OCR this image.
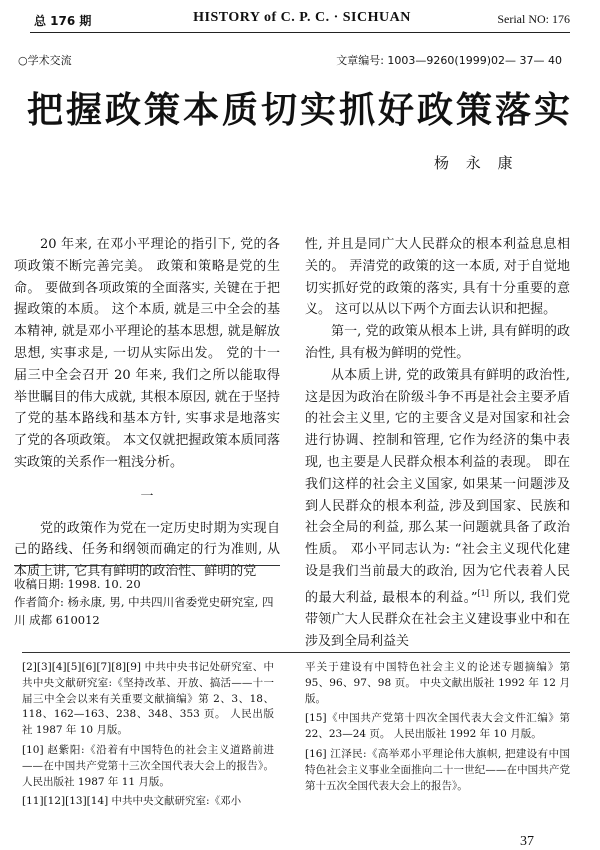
总 176 期	HISTORY of C. P. C. · SICHUAN	Serial NO: 176
○学术交流	文章编号: 1003—9260(1999)02— 37— 40
把握政策本质切实抓好政策落实
杨 永 康

20 年来, 在邓小平理论的指引下, 党的各项政策不断完善完美。 政策和策略是党的生命。 要做到各项政策的全面落实, 关键在于把握政策的本质。 这个本质, 就是三中全会的基本精神, 就是邓小平理论的基本思想, 就是解放思想, 实事求是, 一切从实际出发。 党的十一届三中全会召开 20 年来, 我们之所以能取得举世瞩目的伟大成就, 其根本原因, 就在于坚持了党的基本路线和基本方针, 实事求是地落实了党的各项政策。 本文仅就把握政策本质同落实政策的关系作一粗浅分析。

一

党的政策作为党在一定历史时期为实现自己的路线、任务和纲领而确定的行为准则, 从本质上讲, 它具有鲜明的政治性、鲜明的党

性, 并且是同广大人民群众的根本利益息息相关的。 弄清党的政策的这一本质, 对于自觉地切实抓好党的政策的落实, 具有十分重要的意义。 这可以从以下两个方面去认识和把握。

第一, 党的政策从根本上讲, 具有鲜明的政治性, 具有极为鲜明的党性。

从本质上讲, 党的政策具有鲜明的政治性, 这是因为政治在阶级斗争不再是社会主要矛盾的社会主义里, 它的主要含义是对国家和社会进行协调、控制和管理, 它作为经济的集中表现, 也主要是人民群众根本利益的表现。 即在我们这样的社会主义国家, 如果某一问题涉及到人民群众的根本利益, 涉及到国家、民族和社会全局的利益, 那么某一问题就具备了政治性质。 邓小平同志认为: “社会主义现代化建设是我们当前最大的政治, 因为它代表着人民的最大利益, 最根本的利益。”[1] 所以, 我们党带领广大人民群众在社会主义建设事业中和在涉及到全局利益关

收稿日期: 1998. 10. 20
作者简介: 杨永康, 男, 中共四川省委党史研究室, 四川 成都 610012
[2][3][4][5][6][7][8][9] 中共中央书记处研究室、中共中央文献研究室:《坚持改革、开放、搞活——十一届三中全会以来有关重要文献摘编》第 2、3、18、118、162—163、238、348、353 页。 人民出版社 1987 年 10 月版。
[10] 赵紫阳:《沿着有中国特色的社会主义道路前进——在中国共产党第十三次全国代表大会上的报告》。 人民出版社 1987 年 11 月版。
[11][12][13][14] 中共中央文献研究室:《邓小
平关于建设有中国特色社会主义的论述专题摘编》第 95、96、97、98 页。 中央文献出版社 1992 年 12 月版。
[15]《中国共产党第十四次全国代表大会文件汇编》第 22、23—24 页。 人民出版社 1992 年 10 月版。
[16] 江泽民:《高举邓小平理论伟大旗帜, 把建设有中国特色社会主义事业全面推向二十一世纪——在中国共产党第十五次全国代表大会上的报告》。
37
